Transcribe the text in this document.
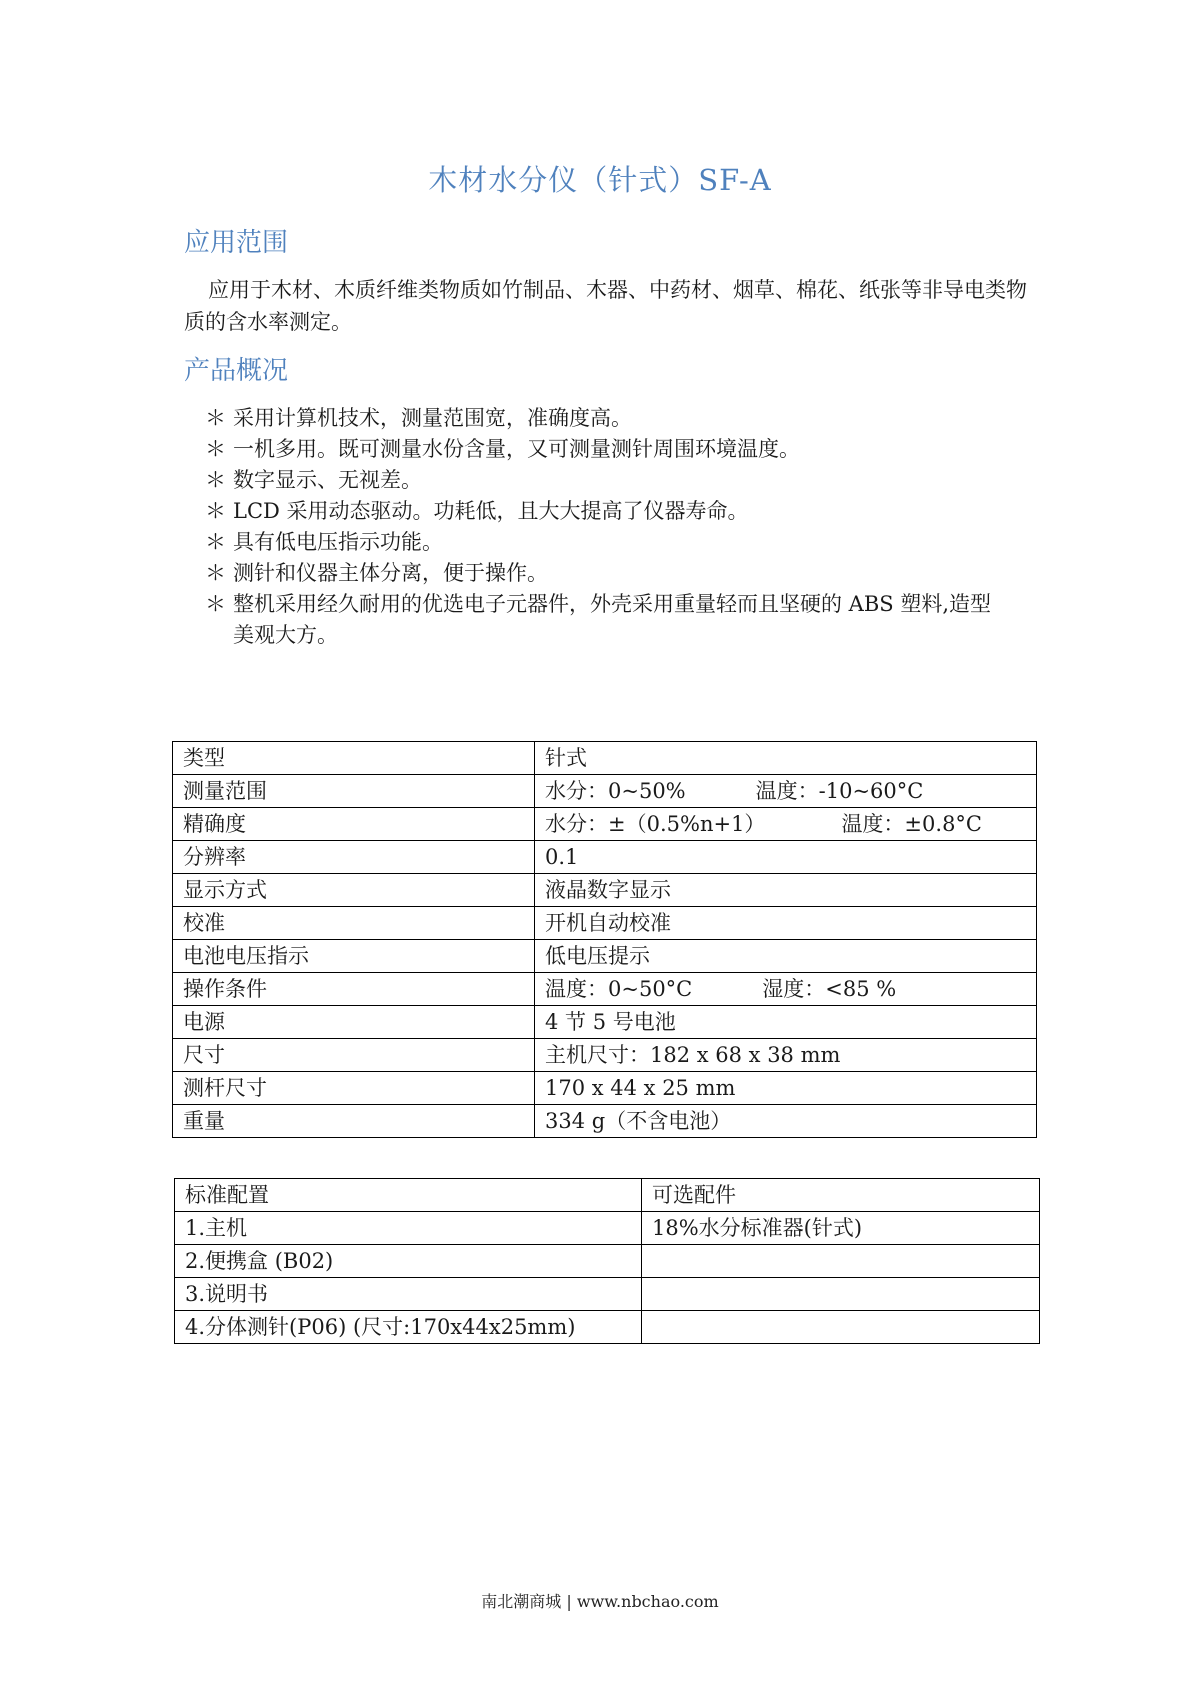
木材水分仪（针式）SF-A
应用范围
应用于木材、木质纤维类物质如竹制品、木器、中药材、烟草、棉花、纸张等非导电类物质的含水率测定。
产品概况
＊ 采用计算机技术，测量范围宽，准确度高。
＊ 一机多用。既可测量水份含量，又可测量测针周围环境温度。
＊ 数字显示、无视差。
＊ LCD 采用动态驱动。功耗低，且大大提高了仪器寿命。
＊ 具有低电压指示功能。
＊ 测针和仪器主体分离，便于操作。
＊ 整机采用经久耐用的优选电子元器件，外壳采用重量轻而且坚硬的 ABS 塑料,造型美观大方。
类型	针式
测量范围	水分：0~50% 温度：-10~60°C
精确度	水分：±（0.5%n+1） 温度：±0.8°C
分辨率	0.1
显示方式	液晶数字显示
校准	开机自动校准
电池电压指示	低电压提示
操作条件	温度：0~50°C 湿度：<85 %
电源	4 节 5 号电池
尺寸	主机尺寸：182 x 68 x 38 mm
测杆尺寸	170 x 44 x 25 mm
重量	334 g（不含电池）
标准配置	可选配件
1.主机	18%水分标准器(针式)
2.便携盒 (B02)	
3.说明书	
4.分体测针(P06) (尺寸:170x44x25mm)	
南北潮商城 | www.nbchao.com
